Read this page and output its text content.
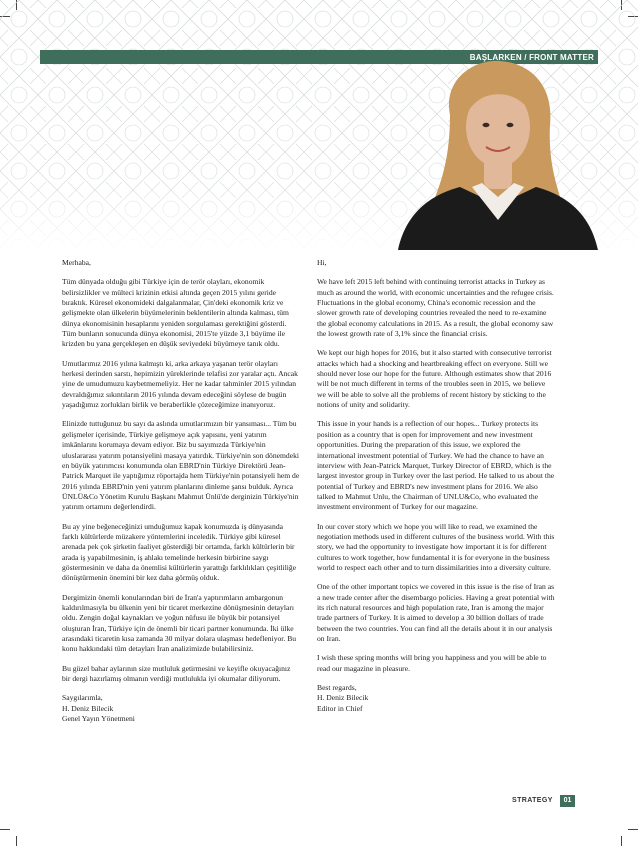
BAŞLARKEN / FRONT MATTER

Merhaba,

Tüm dünyada olduğu gibi Türkiye için de terör olayları, ekonomik belirsizlikler ve mülteci krizinin etkisi altında geçen 2015 yılını geride bıraktık. Küresel ekonomideki dalgalanmalar, Çin'deki ekonomik kriz ve gelişmekte olan ülkelerin büyümelerinin beklentilerin altında kalması, tüm dünya ekonomisinin hesaplarını yeniden sorgulaması gerektiğini gösterdi. Tüm bunların sonucunda dünya ekonomisi, 2015'te yüzde 3,1 büyüme ile krizden bu yana gerçekleşen en düşük seviyedeki büyümeye tanık oldu.

Umutlarımız 2016 yılına kalmıştı ki, arka arkaya yaşanan terör olayları herkesi derinden sarstı, hepimizin yüreklerinde telafisi zor yaralar açtı. Ancak yine de umudumuzu kaybetmemeliyiz. Her ne kadar tahminler 2015 yılından devraldığımız sıkıntıların 2016 yılında devam edeceğini söylese de bugün yaşadığımız zorlukları birlik ve beraberlikle çözeceğimize inanıyoruz.

Elinizde tuttuğunuz bu sayı da aslında umutlarımızın bir yansıması... Tüm bu gelişmeler içerisinde, Türkiye gelişmeye açık yapısını, yeni yatırım imkânlarını korumaya devam ediyor. Biz bu sayımızda Türkiye'nin uluslararası yatırım potansiyelini masaya yatırdık. Türkiye'nin son dönemdeki en büyük yatırımcısı konumunda olan EBRD'nin Türkiye Direktörü Jean-Patrick Marquet ile yaptığımız röportajda hem Türkiye'nin potansiyeli hem de 2016 yılında EBRD'nin yeni yatırım planlarını dinleme şansı bulduk. Ayrıca ÜNLÜ&Co Yönetim Kurulu Başkanı Mahmut Ünlü'de derginizin Türkiye'nin yatırım ortamını değerlendirdi.

Bu ay yine beğeneceğinizi umduğumuz kapak konumuzda iş dünyasında farklı kültürlerde müzakere yöntemlerini inceledik. Türkiye gibi küresel arenada pek çok şirketin faaliyet gösterdiği bir ortamda, farklı kültürlerin bir arada iş yapabilmesinin, iş ahlakı temelinde herkesin birbirine saygı göstermesinin ve daha da önemlisi kültürlerin yarattığı farklılıkları çeşitliliğe dönüştürmenin önemini bir kez daha görmüş olduk.

Dergimizin önemli konularından biri de İran'a yaptırımların ambargonun kaldırılmasıyla bu ülkenin yeni bir ticaret merkezine dönüşmesinin detayları oldu. Zengin doğal kaynakları ve yoğun nüfusu ile büyük bir potansiyel oluşturan İran, Türkiye için de önemli bir ticari partner konumunda. İki ülke arasındaki ticaretin kısa zamanda 30 milyar dolara ulaşması hedefleniyor. Bu konu hakkındaki tüm detayları İran analizimizde bulabilirsiniz.

Bu güzel bahar aylarının size mutluluk getirmesini ve keyifle okuyacağınız bir dergi hazırlamış olmanın verdiği mutlulukla iyi okumalar diliyorum.

Saygılarımla,
H. Deniz Bilecik
Genel Yayın Yönetmeni

Hi,

We have left 2015 left behind with continuing terrorist attacks in Turkey as much as around the world, with economic uncertainties and the refugee crisis. Fluctuations in the global economy, China's economic recession and the slower growth rate of developing countries revealed the need to re-examine the global economy calculations in 2015. As a result, the global economy saw the lowest growth rate of 3,1% since the financial crisis.

We kept our high hopes for 2016, but it also started with consecutive terrorist attacks which had a shocking and heartbreaking effect on everyone. Still we should never lose our hope for the future. Although estimates show that 2016 will be not much different in terms of the troubles seen in 2015, we believe we will be able to solve all the problems of recent history by sticking to the notions of unity and solidarity.

This issue in your hands is a reflection of our hopes... Turkey protects its position as a country that is open for improvement and new investment opportunities. During the preparation of this issue, we explored the international investment potential of Turkey. We had the chance to have an interview with Jean-Patrick Marquet, Turkey Director of EBRD, which is the largest investor group in Turkey over the last period. He talked to us about the potential of Turkey and EBRD's new investment plans for 2016. We also talked to Mahmut Unlu, the Chairman of UNLU&Co, who evaluated the investment environment of Turkey for our magazine.

In our cover story which we hope you will like to read, we examined the negotiation methods used in different cultures of the business world. With this story, we had the opportunity to investigate how important it is for different cultures to work together, how fundamental it is for everyone in the business world to respect each other and to turn dissimilarities into a diversity culture.

One of the other important topics we covered in this issue is the rise of Iran as a new trade center after the disembargo policies. Having a great potential with its rich natural resources and high population rate, Iran is among the major trade partners of Turkey. It is aimed to develop a 30 billion dollars of trade between the two countries. You can find all the details about it in our analysis on Iran.

I wish these spring months will bring you happiness and you will be able to read our magazine in pleasure.

Best regards,
H. Deniz Bilecik
Editor in Chief

STRATEGY	01
